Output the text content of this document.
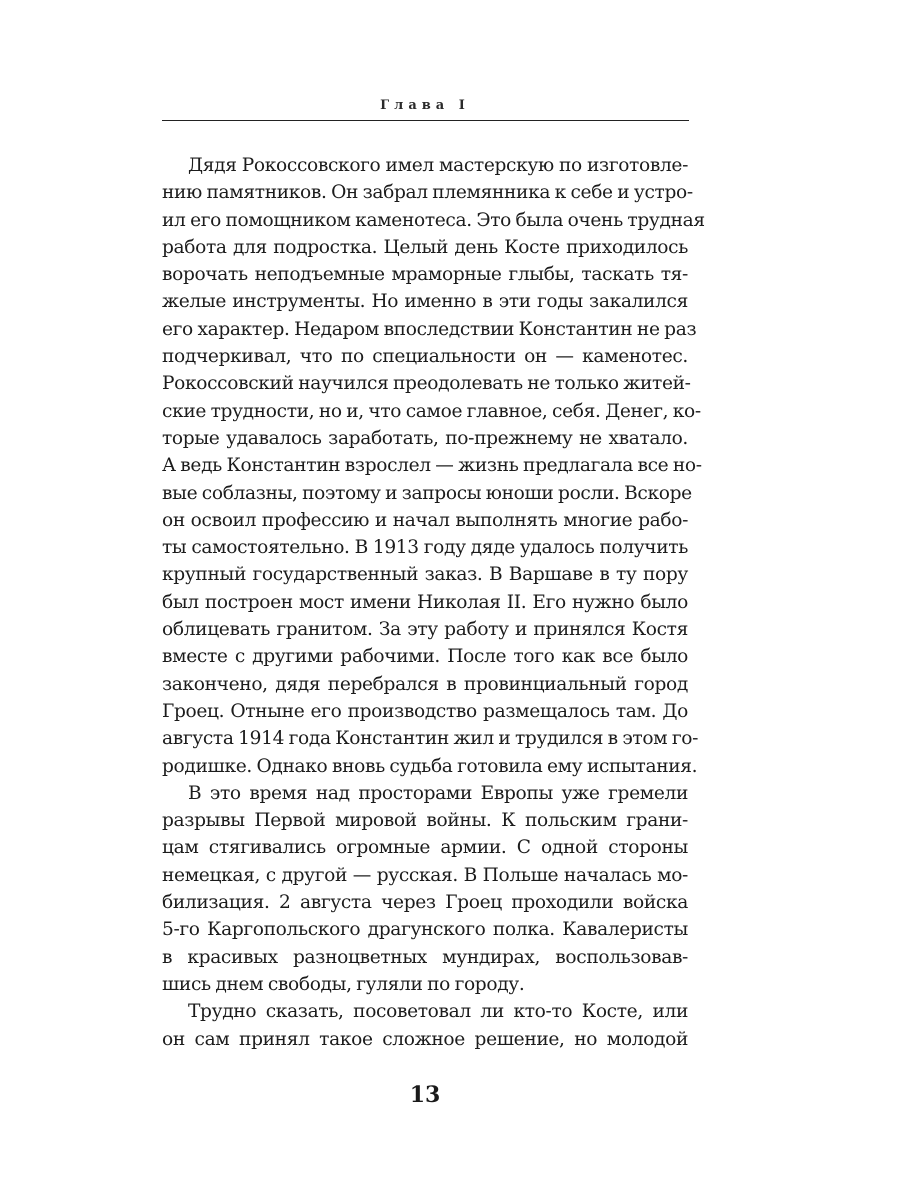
Глава I
Дядя Рокоссовского имел мастерскую по изготовле-
нию памятников. Он забрал племянника к себе и устро-
ил его помощником каменотеса. Это была очень трудная
работа для подростка. Целый день Косте приходилось
ворочать неподъемные мраморные глыбы, таскать тя-
желые инструменты. Но именно в эти годы закалился
его характер. Недаром впоследствии Константин не раз
подчеркивал, что по специальности он — каменотес.
Рокоссовский научился преодолевать не только житей-
ские трудности, но и, что самое главное, себя. Денег, ко-
торые удавалось заработать, по-прежнему не хватало.
А ведь Константин взрослел — жизнь предлагала все но-
вые соблазны, поэтому и запросы юноши росли. Вскоре
он освоил профессию и начал выполнять многие рабо-
ты самостоятельно. В 1913 году дяде удалось получить
крупный государственный заказ. В Варшаве в ту пору
был построен мост имени Николая II. Его нужно было
облицевать гранитом. За эту работу и принялся Костя
вместе с другими рабочими. После того как все было
закончено, дядя перебрался в провинциальный город
Гроец. Отныне его производство размещалось там. До
августа 1914 года Константин жил и трудился в этом го-
родишке. Однако вновь судьба готовила ему испытания.
В это время над просторами Европы уже гремели
разрывы Первой мировой войны. К польским грани-
цам стягивались огромные армии. С одной стороны
немецкая, с другой — русская. В Польше началась мо-
билизация. 2 августа через Гроец проходили войска
5-го Каргопольского драгунского полка. Кавалеристы
в красивых разноцветных мундирах, воспользовав-
шись днем свободы, гуляли по городу.
Трудно сказать, посоветовал ли кто-то Косте, или
он сам принял такое сложное решение, но молодой
13
